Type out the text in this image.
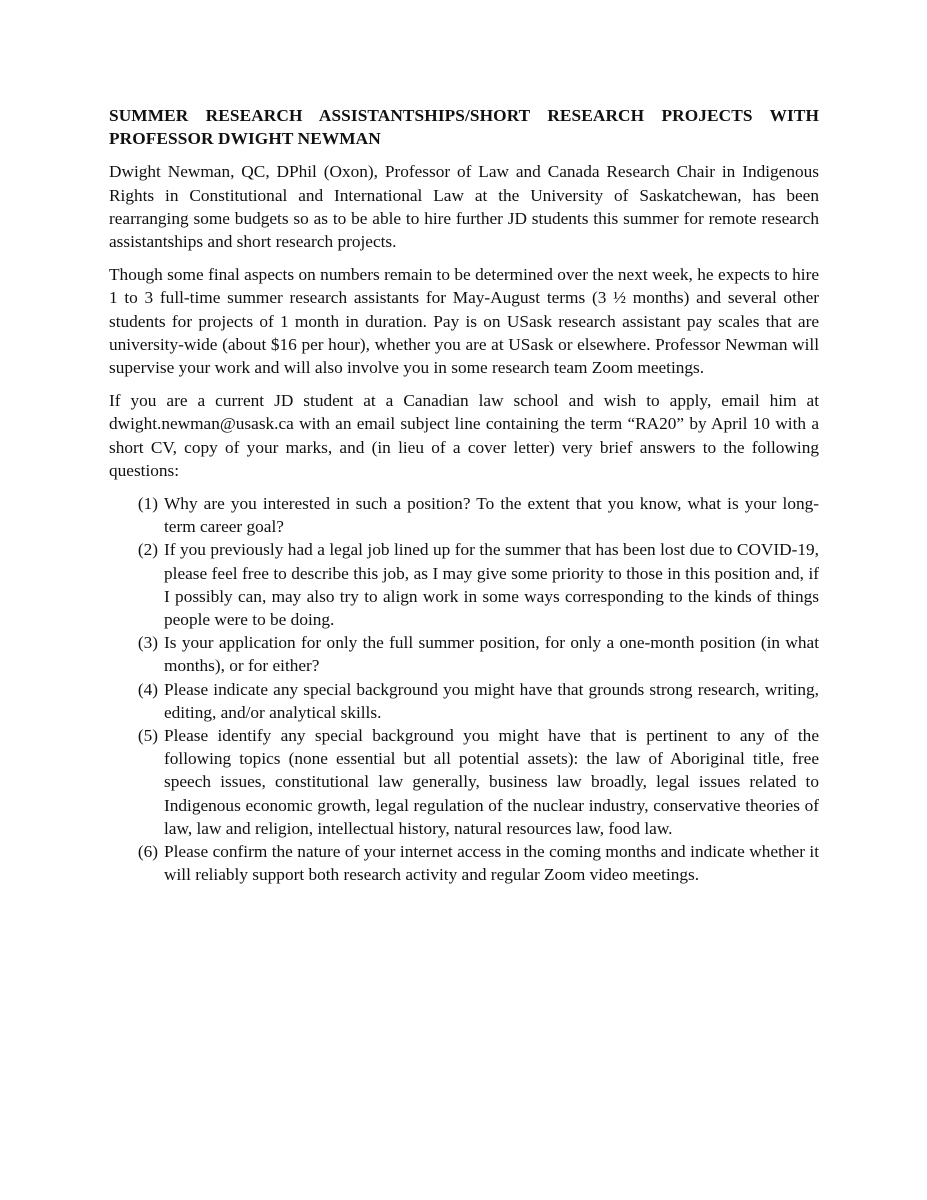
SUMMER RESEARCH ASSISTANTSHIPS/SHORT RESEARCH PROJECTS WITH PROFESSOR DWIGHT NEWMAN

Dwight Newman, QC, DPhil (Oxon), Professor of Law and Canada Research Chair in Indigenous Rights in Constitutional and International Law at the University of Saskatchewan, has been rearranging some budgets so as to be able to hire further JD students this summer for remote research assistantships and short research projects.

Though some final aspects on numbers remain to be determined over the next week, he expects to hire 1 to 3 full-time summer research assistants for May-August terms (3 ½ months) and several other students for projects of 1 month in duration. Pay is on USask research assistant pay scales that are university-wide (about $16 per hour), whether you are at USask or elsewhere. Professor Newman will supervise your work and will also involve you in some research team Zoom meetings.

If you are a current JD student at a Canadian law school and wish to apply, email him at dwight.newman@usask.ca with an email subject line containing the term “RA20” by April 10 with a short CV, copy of your marks, and (in lieu of a cover letter) very brief answers to the following questions:

(1) Why are you interested in such a position? To the extent that you know, what is your long-term career goal?
(2) If you previously had a legal job lined up for the summer that has been lost due to COVID-19, please feel free to describe this job, as I may give some priority to those in this position and, if I possibly can, may also try to align work in some ways corresponding to the kinds of things people were to be doing.
(3) Is your application for only the full summer position, for only a one-month position (in what months), or for either?
(4) Please indicate any special background you might have that grounds strong research, writing, editing, and/or analytical skills.
(5) Please identify any special background you might have that is pertinent to any of the following topics (none essential but all potential assets): the law of Aboriginal title, free speech issues, constitutional law generally, business law broadly, legal issues related to Indigenous economic growth, legal regulation of the nuclear industry, conservative theories of law, law and religion, intellectual history, natural resources law, food law.
(6) Please confirm the nature of your internet access in the coming months and indicate whether it will reliably support both research activity and regular Zoom video meetings.
